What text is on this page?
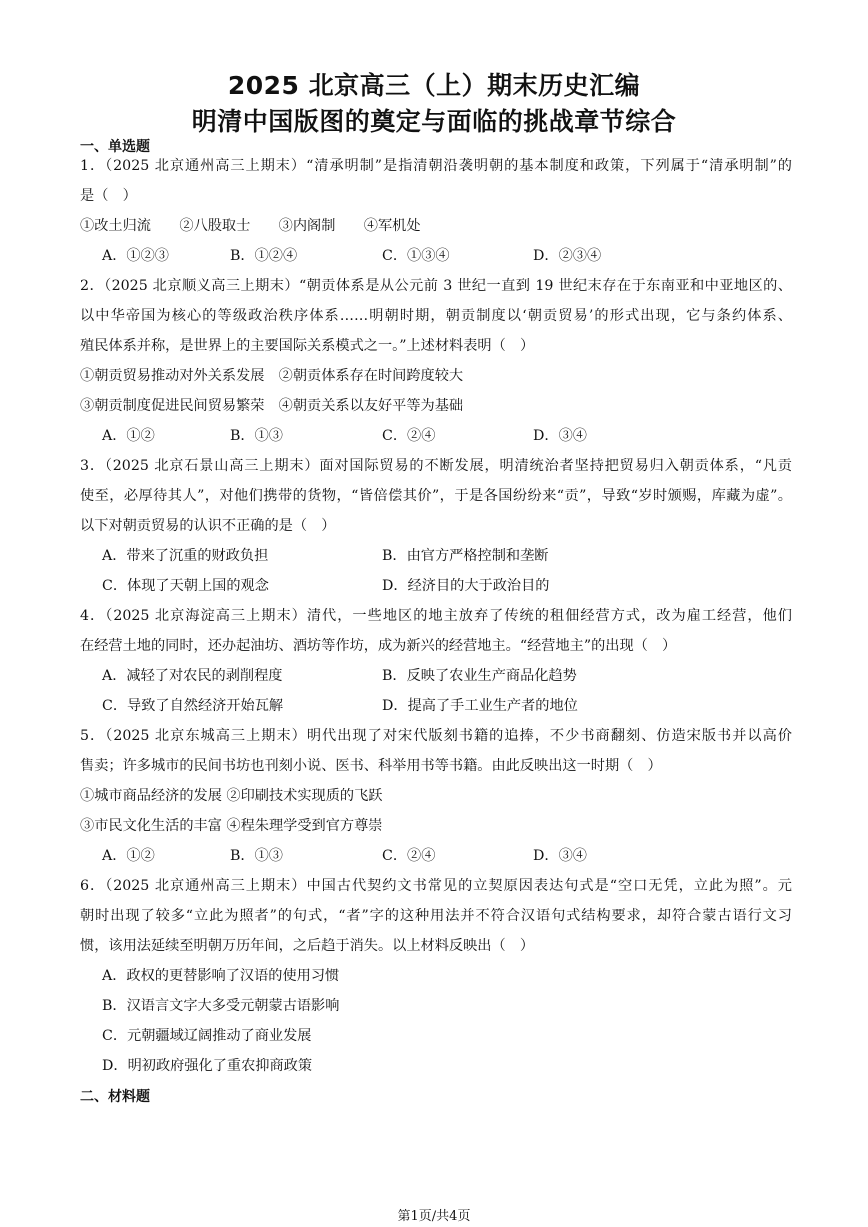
2025 北京高三（上）期末历史汇编
明清中国版图的奠定与面临的挑战章节综合
一、单选题
1．（2025 北京通州高三上期末）“清承明制”是指清朝沿袭明朝的基本制度和政策，下列属于“清承明制”的
是（　）
①改土归流　　②八股取士　　③内阁制　　④军机处
A．①②③	B．①②④	C．①③④	D．②③④
2．（2025 北京顺义高三上期末）“朝贡体系是从公元前 3 世纪一直到 19 世纪末存在于东南亚和中亚地区的、
以中华帝国为核心的等级政治秩序体系……明朝时期，朝贡制度以‘朝贡贸易’的形式出现，它与条约体系、
殖民体系并称，是世界上的主要国际关系模式之一。”上述材料表明（　）
①朝贡贸易推动对外关系发展　②朝贡体系存在时间跨度较大
③朝贡制度促进民间贸易繁荣　④朝贡关系以友好平等为基础
A．①②	B．①③	C．②④	D．③④
3．（2025 北京石景山高三上期末）面对国际贸易的不断发展，明清统治者坚持把贸易归入朝贡体系，“凡贡
使至，必厚待其人”，对他们携带的货物，“皆倍偿其价”，于是各国纷纷来“贡”，导致“岁时颁赐，库藏为虚”。
以下对朝贡贸易的认识不正确的是（　）
A．带来了沉重的财政负担	B．由官方严格控制和垄断
C．体现了天朝上国的观念	D．经济目的大于政治目的
4．（2025 北京海淀高三上期末）清代，一些地区的地主放弃了传统的租佃经营方式，改为雇工经营，他们
在经营土地的同时，还办起油坊、酒坊等作坊，成为新兴的经营地主。“经营地主”的出现（　）
A．减轻了对农民的剥削程度	B．反映了农业生产商品化趋势
C．导致了自然经济开始瓦解	D．提高了手工业生产者的地位
5．（2025 北京东城高三上期末）明代出现了对宋代版刻书籍的追捧，不少书商翻刻、仿造宋版书并以高价
售卖；许多城市的民间书坊也刊刻小说、医书、科举用书等书籍。由此反映出这一时期（　）
①城市商品经济的发展 ②印刷技术实现质的飞跃
③市民文化生活的丰富 ④程朱理学受到官方尊崇
A．①②	B．①③	C．②④	D．③④
6．（2025 北京通州高三上期末）中国古代契约文书常见的立契原因表达句式是“空口无凭，立此为照”。元
朝时出现了较多“立此为照者”的句式，“者”字的这种用法并不符合汉语句式结构要求，却符合蒙古语行文习
惯，该用法延续至明朝万历年间，之后趋于消失。以上材料反映出（　）
A．政权的更替影响了汉语的使用习惯
B．汉语言文字大多受元朝蒙古语影响
C．元朝疆域辽阔推动了商业发展
D．明初政府强化了重农抑商政策
二、材料题
第1页/共4页
